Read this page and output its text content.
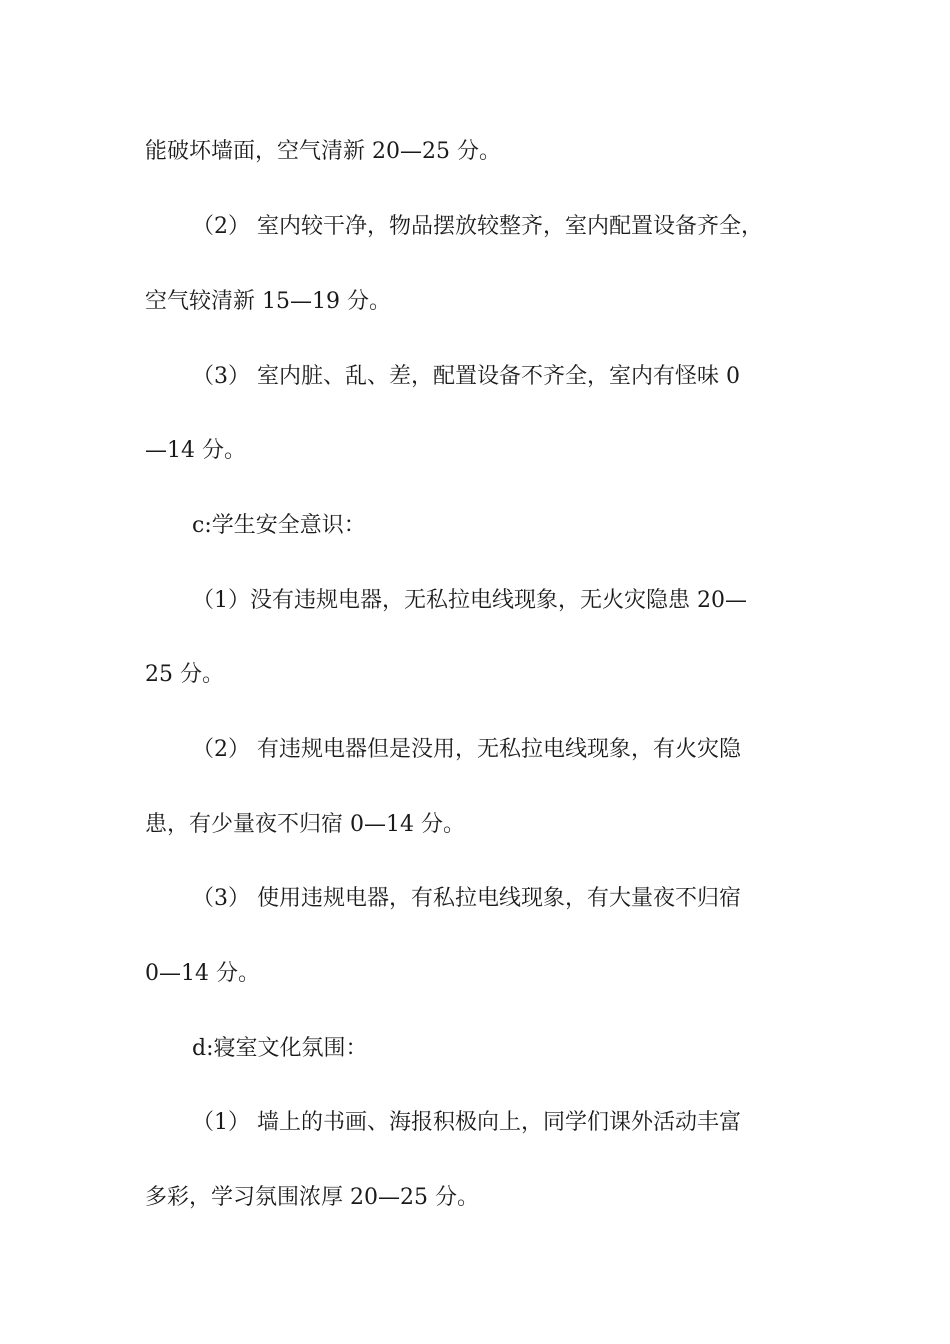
能破坏墙面，空气清新 20—25 分。
（2） 室内较干净，物品摆放较整齐，室内配置设备齐全，
空气较清新 15—19 分。
（3） 室内脏、乱、差，配置设备不齐全，室内有怪味 0
—14 分。
c:学生安全意识：
（1）没有违规电器，无私拉电线现象，无火灾隐患 20—
25 分。
（2） 有违规电器但是没用，无私拉电线现象，有火灾隐
患，有少量夜不归宿 0—14 分。
（3） 使用违规电器，有私拉电线现象，有大量夜不归宿
0—14 分。
d:寝室文化氛围：
（1） 墙上的书画、海报积极向上，同学们课外活动丰富
多彩，学习氛围浓厚 20—25 分。
